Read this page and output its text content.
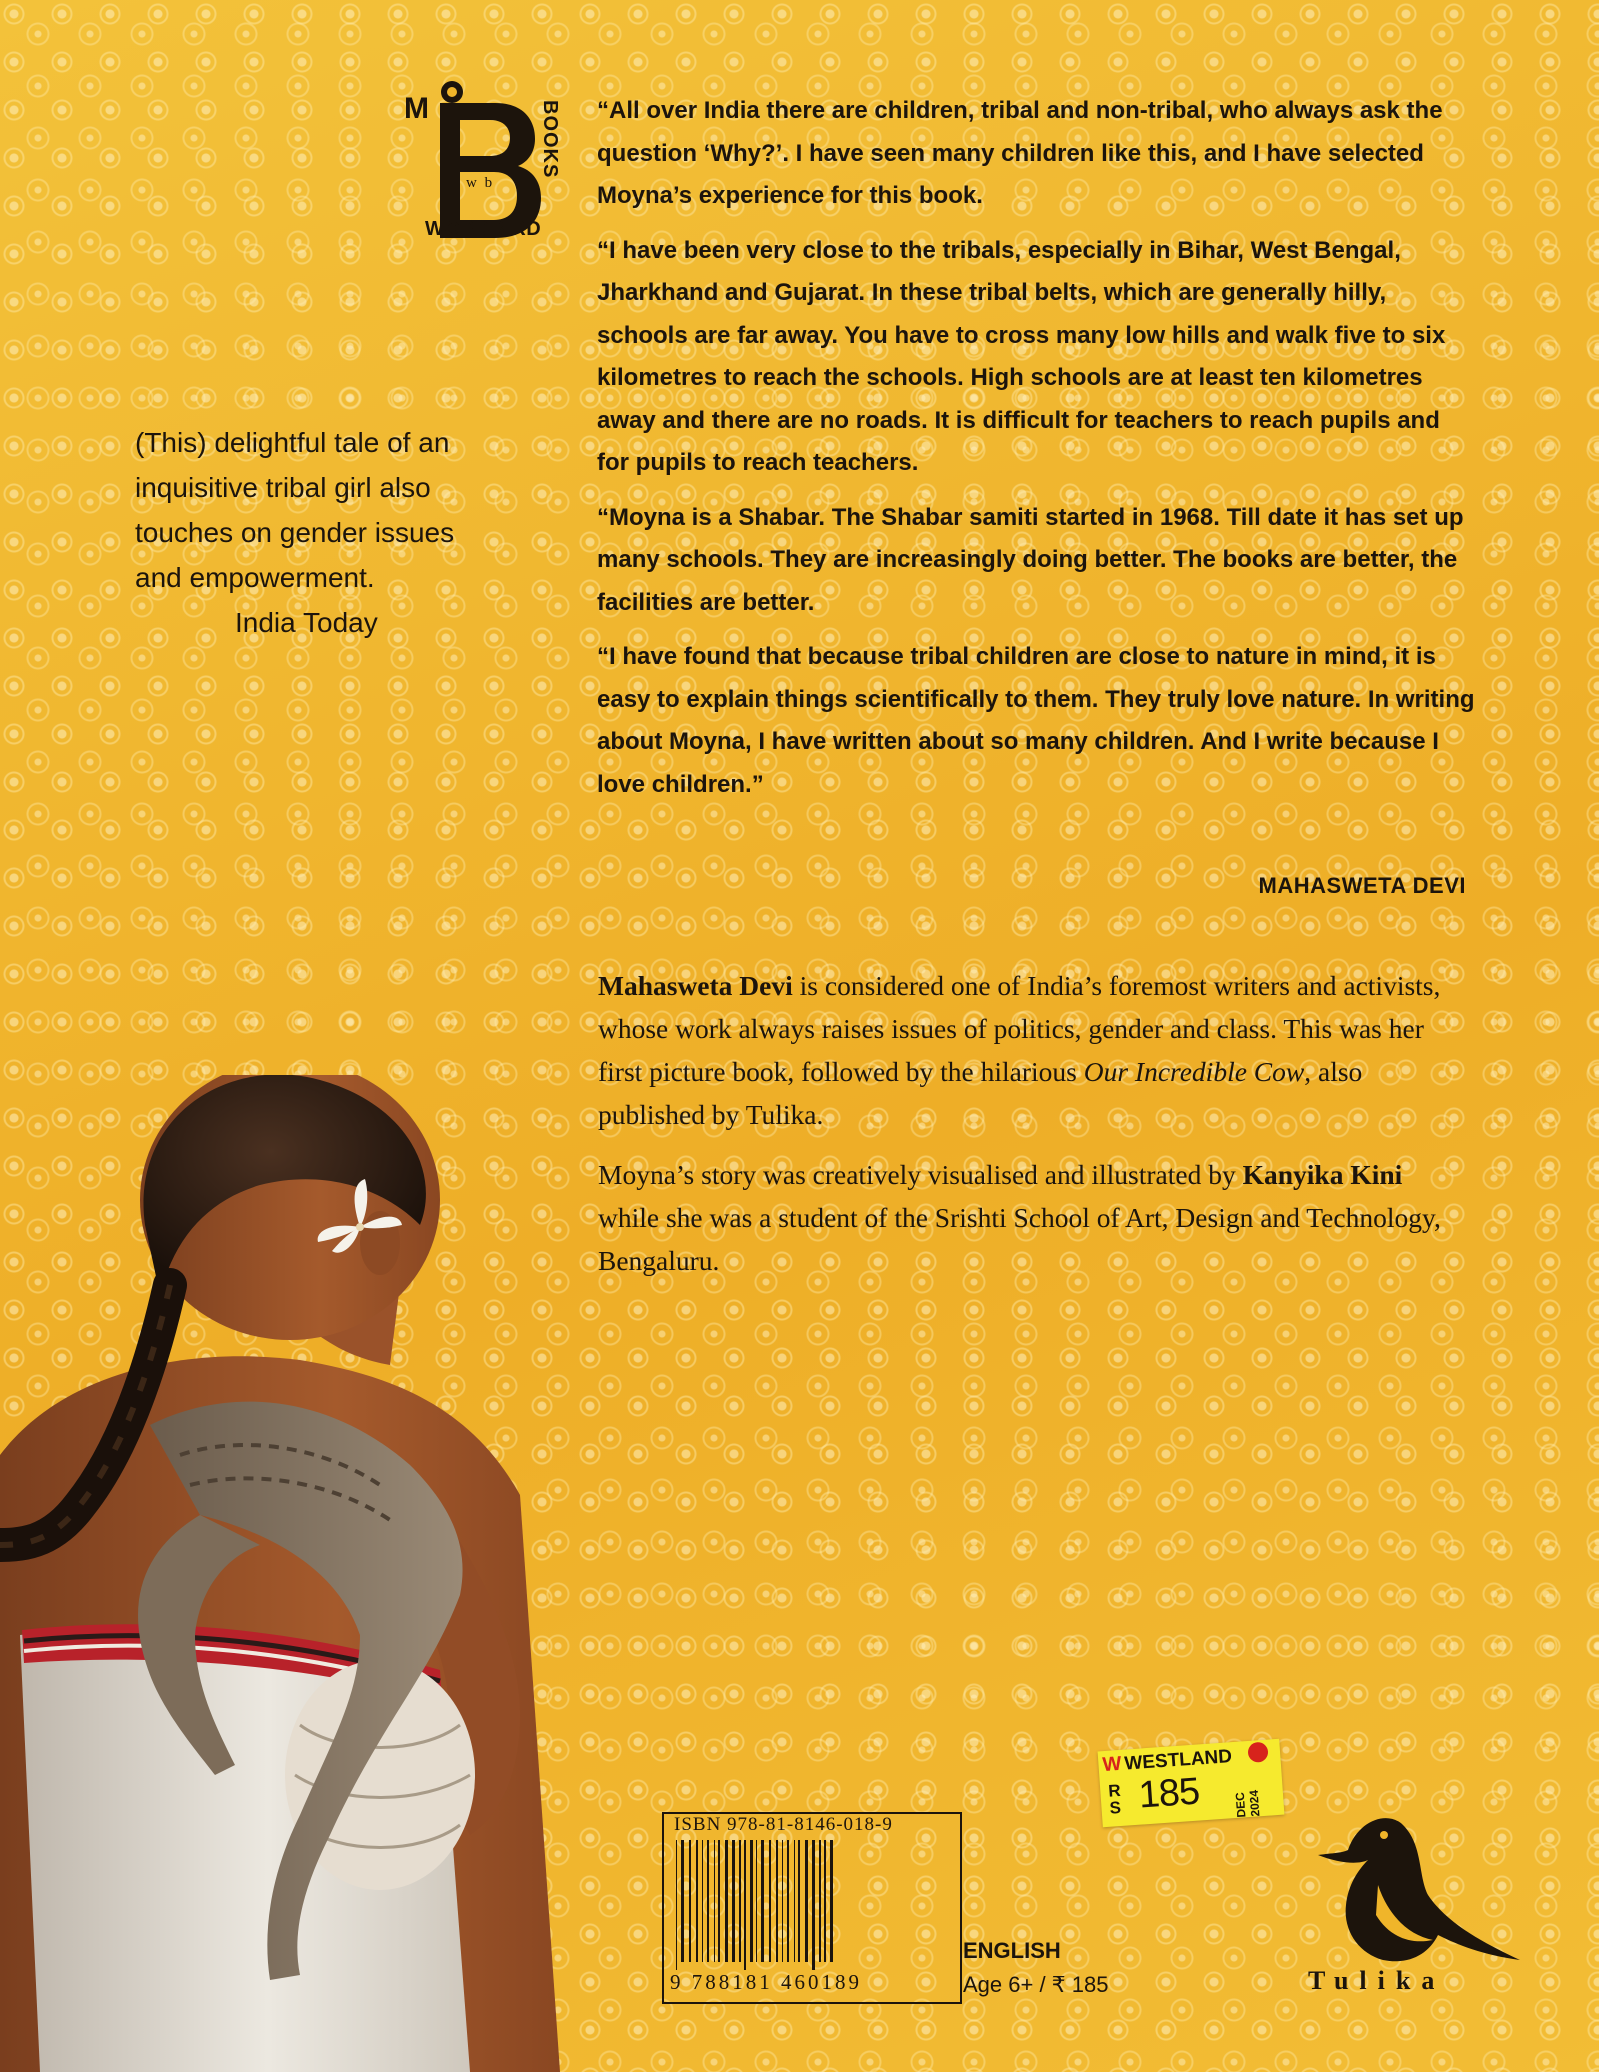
M
w b
BOOKS
WORDBIRD

“All over India there are children, tribal and non-tribal, who always ask the question ‘Why?’. I have seen many children like this, and I have selected Moyna’s experience for this book.

“I have been very close to the tribals, especially in Bihar, West Bengal, Jharkhand and Gujarat. In these tribal belts, which are generally hilly, schools are far away. You have to cross many low hills and walk five to six kilometres to reach the schools. High schools are at least ten kilometres away and there are no roads. It is difficult for teachers to reach pupils and for pupils to reach teachers.

“Moyna is a Shabar. The Shabar samiti started in 1968. Till date it has set up many schools. They are increasingly doing better. The books are better, the facilities are better.

“I have found that because tribal children are close to nature in mind, it is easy to explain things scientifically to them. They truly love nature. In writing about Moyna, I have written about so many children. And I write because I love children.”

MAHASWETA DEVI
(This) delightful tale of an inquisitive tribal girl also touches on gender issues and empowerment.
India Today

Mahasweta Devi is considered one of India’s foremost writers and activists, whose work always raises issues of politics, gender and class. This was her first picture book, followed by the hilarious Our Incredible Cow, also published by Tulika.

Moyna’s story was creatively visualised and illustrated by Kanyika Kini while she was a student of the Srishti School of Art, Design and Technology, Bengaluru.

ISBN 978-81-8146-018-9
9 788181 460189
ENGLISH
Age 6+ / ₹ 185
W WESTLAND
R S 185	DEC 2024
Tulika
